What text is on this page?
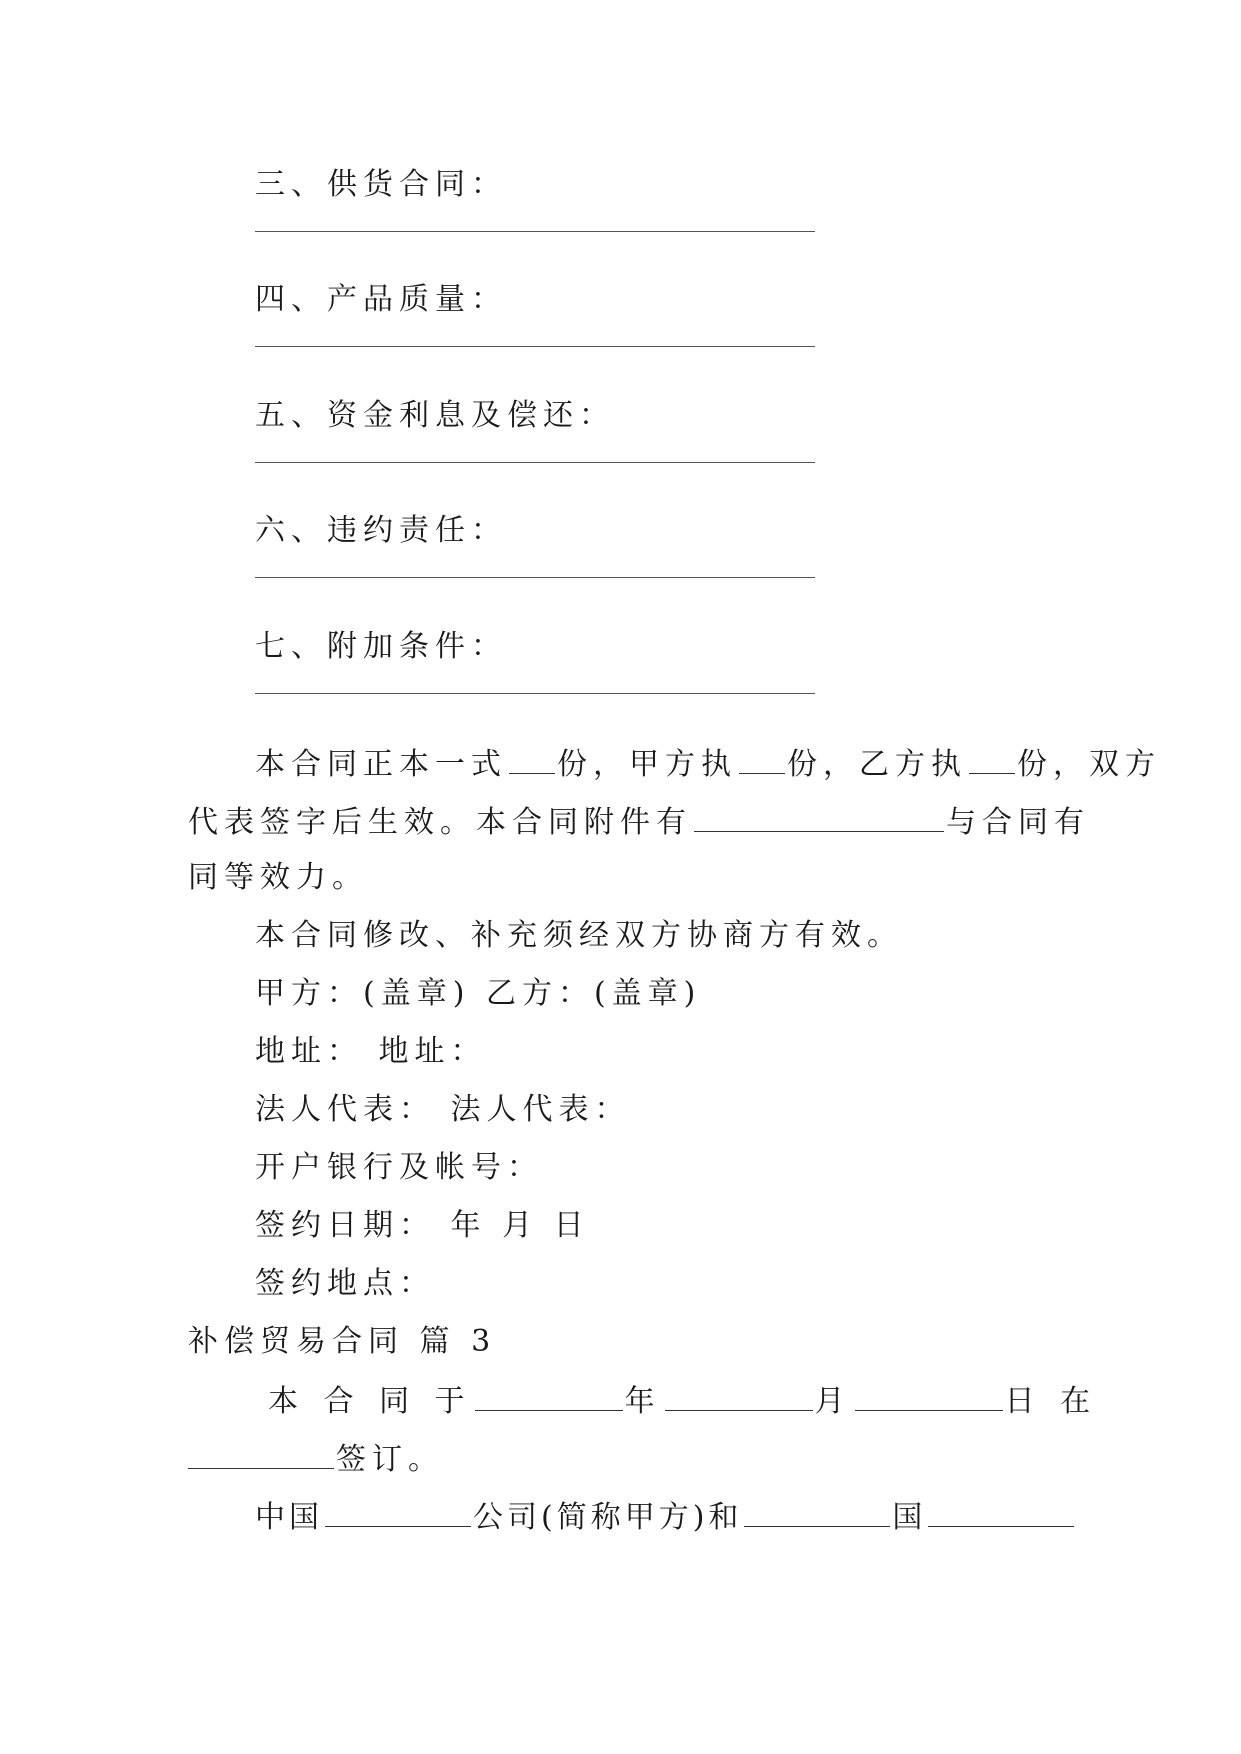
三、供货合同：
四、产品质量：
五、资金利息及偿还：
六、违约责任：
七、附加条件：
本合同正本一式 份，甲方执 份，乙方执 份，双方
代表签字后生效。本合同附件有	与合同有
同等效力。
本合同修改、补充须经双方协商方有效。
甲方：(盖章) 乙方：(盖章)
地址： 地址：
法人代表： 法人代表：
开户银行及帐号：
签约日期： 年 月 日
签约地点：
补偿贸易合同 篇 3
本 合 同 于	年	月	日 在
签订。
中国	公司(简称甲方)和	国
